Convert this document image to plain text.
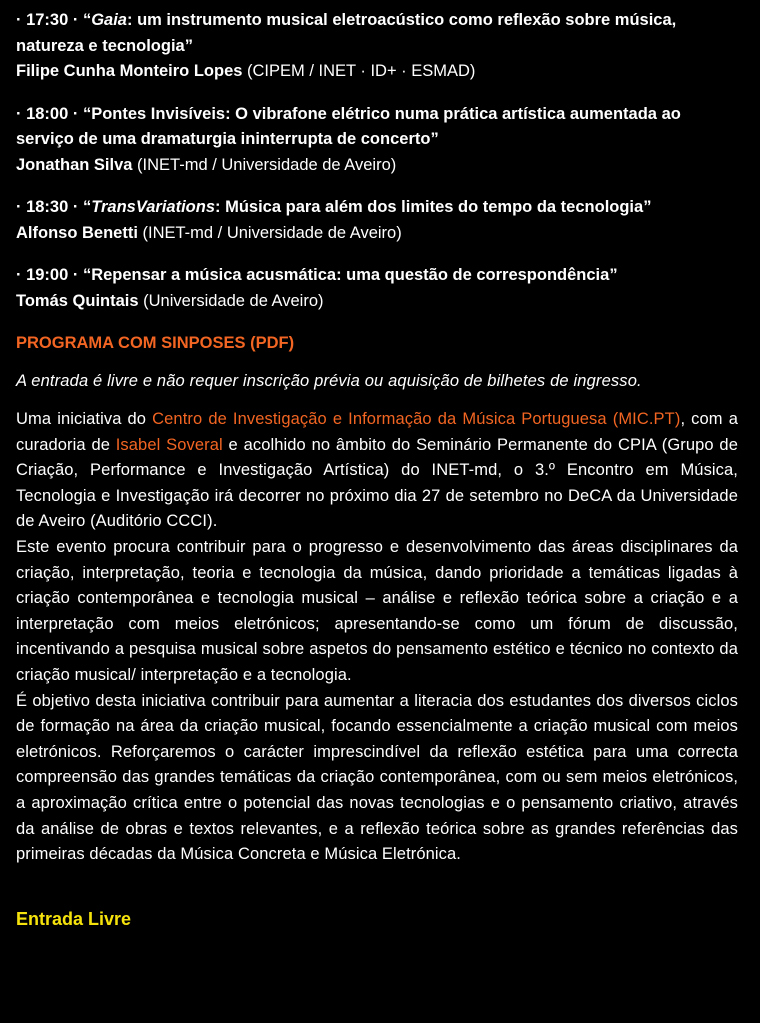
· 17:30 · “Gaia: um instrumento musical eletroacústico como reflexão sobre música, natureza e tecnologia”
Filipe Cunha Monteiro Lopes (CIPEM / INET · ID+ · ESMAD)
· 18:00 · “Pontes Invisíveis: O vibrafone elétrico numa prática artística aumentada ao serviço de uma dramaturgia ininterrupta de concerto”
Jonathan Silva (INET-md / Universidade de Aveiro)
· 18:30 · “TransVariations: Música para além dos limites do tempo da tecnologia”
Alfonso Benetti (INET-md / Universidade de Aveiro)
· 19:00 · “Repensar a música acusmática: uma questão de correspondência”
Tomás Quintais (Universidade de Aveiro)
PROGRAMA COM SINPOSES (PDF)
A entrada é livre e não requer inscrição prévia ou aquisição de bilhetes de ingresso.

Uma iniciativa do Centro de Investigação e Informação da Música Portuguesa (MIC.PT), com a curadoria de Isabel Soveral e acolhido no âmbito do Seminário Permanente do CPIA (Grupo de Criação, Performance e Investigação Artística) do INET-md, o 3.º Encontro em Música, Tecnologia e Investigação irá decorrer no próximo dia 27 de setembro no DeCA da Universidade de Aveiro (Auditório CCCI).

Este evento procura contribuir para o progresso e desenvolvimento das áreas disciplinares da criação, interpretação, teoria e tecnologia da música, dando prioridade a temáticas ligadas à criação contemporânea e tecnologia musical – análise e reflexão teórica sobre a criação e a interpretação com meios eletrónicos; apresentando-se como um fórum de discussão, incentivando a pesquisa musical sobre aspetos do pensamento estético e técnico no contexto da criação musical/ interpretação e a tecnologia.

É objetivo desta iniciativa contribuir para aumentar a literacia dos estudantes dos diversos ciclos de formação na área da criação musical, focando essencialmente a criação musical com meios eletrónicos. Reforçaremos o carácter imprescindível da reflexão estética para uma correcta compreensão das grandes temáticas da criação contemporânea, com ou sem meios eletrónicos, a aproximação crítica entre o potencial das novas tecnologias e o pensamento criativo, através da análise de obras e textos relevantes, e a reflexão teórica sobre as grandes referências das primeiras décadas da Música Concreta e Música Eletrónica.

Entrada Livre
